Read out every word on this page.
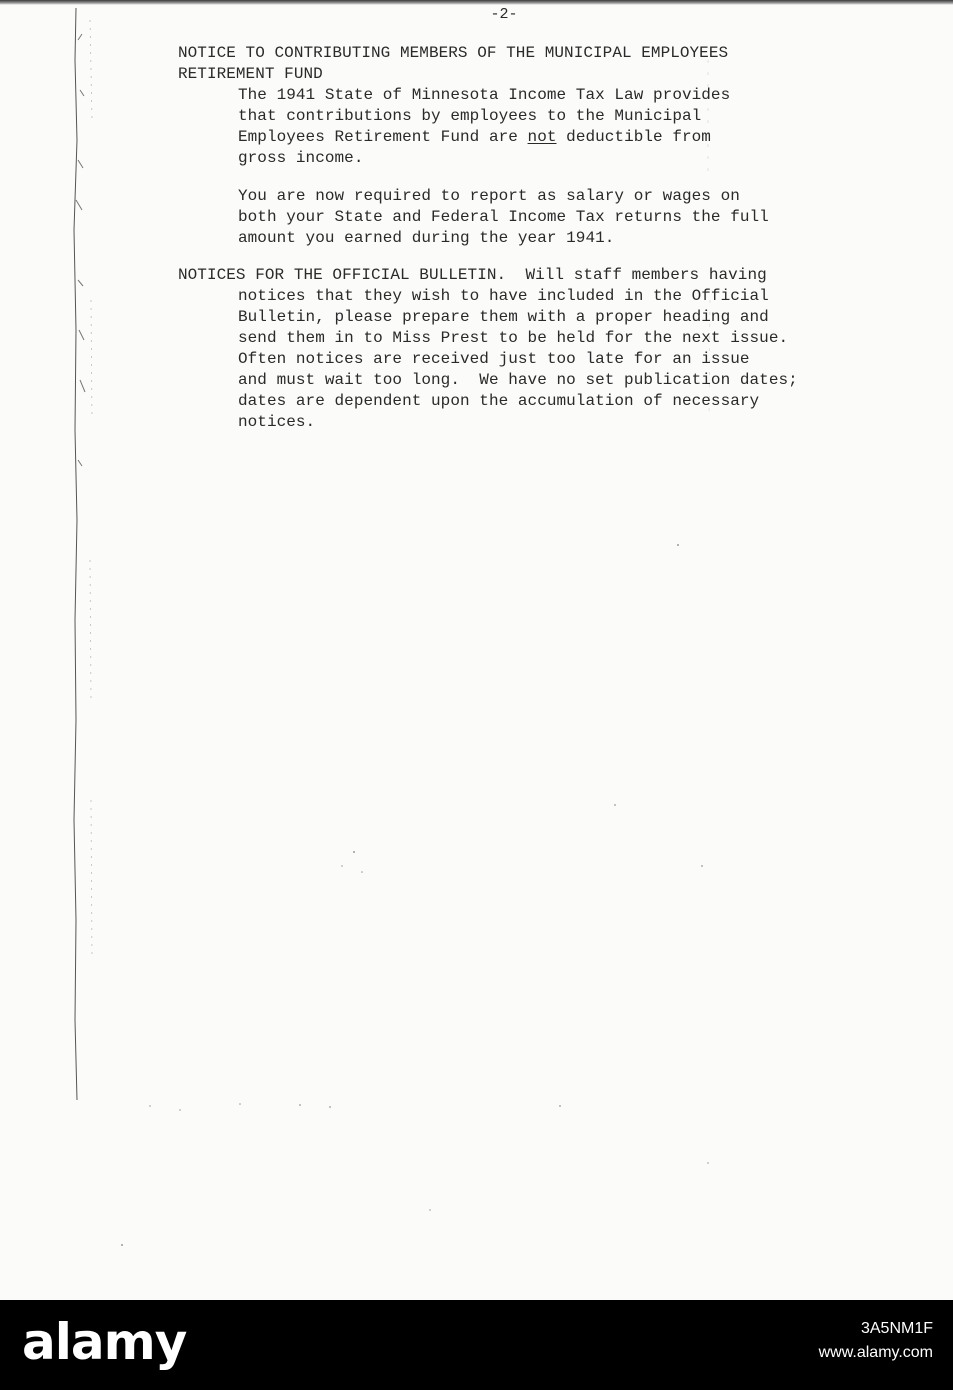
-2-
NOTICE TO CONTRIBUTING MEMBERS OF THE MUNICIPAL EMPLOYEES
RETIREMENT FUND
The 1941 State of Minnesota Income Tax Law provides
that contributions by employees to the Municipal
Employees Retirement Fund are not deductible from
gross income.
You are now required to report as salary or wages on
both your State and Federal Income Tax returns the full
amount you earned during the year 1941.
NOTICES FOR THE OFFICIAL BULLETIN.  Will staff members having
notices that they wish to have included in the Official
Bulletin, please prepare them with a proper heading and
send them in to Miss Prest to be held for the next issue.
Often notices are received just too late for an issue
and must wait too long.  We have no set publication dates;
dates are dependent upon the accumulation of necessary
notices.
alamy	3A5NM1F
www.alamy.com
